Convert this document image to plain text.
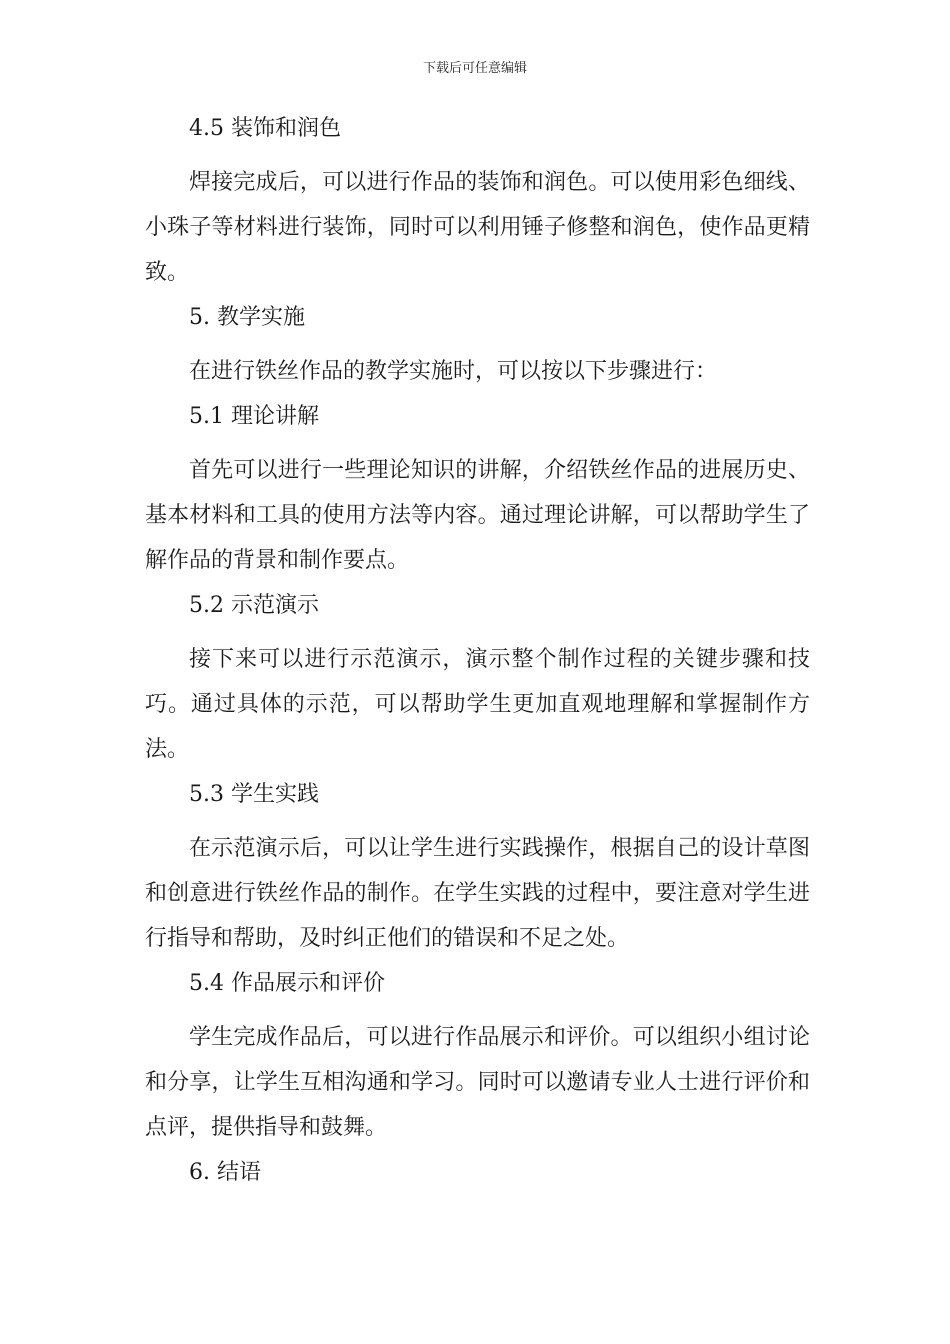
下载后可任意编辑
4.5 装饰和润色

焊接完成后，可以进行作品的装饰和润色。可以使用彩色细线、小珠子等材料进行装饰，同时可以利用锤子修整和润色，使作品更精致。

5. 教学实施

在进行铁丝作品的教学实施时，可以按以下步骤进行：

5.1 理论讲解

首先可以进行一些理论知识的讲解，介绍铁丝作品的进展历史、基本材料和工具的使用方法等内容。通过理论讲解，可以帮助学生了解作品的背景和制作要点。

5.2 示范演示

接下来可以进行示范演示，演示整个制作过程的关键步骤和技巧。通过具体的示范，可以帮助学生更加直观地理解和掌握制作方法。

5.3 学生实践

在示范演示后，可以让学生进行实践操作，根据自己的设计草图和创意进行铁丝作品的制作。在学生实践的过程中，要注意对学生进行指导和帮助，及时纠正他们的错误和不足之处。

5.4 作品展示和评价

学生完成作品后，可以进行作品展示和评价。可以组织小组讨论和分享，让学生互相沟通和学习。同时可以邀请专业人士进行评价和点评，提供指导和鼓舞。

6. 结语
